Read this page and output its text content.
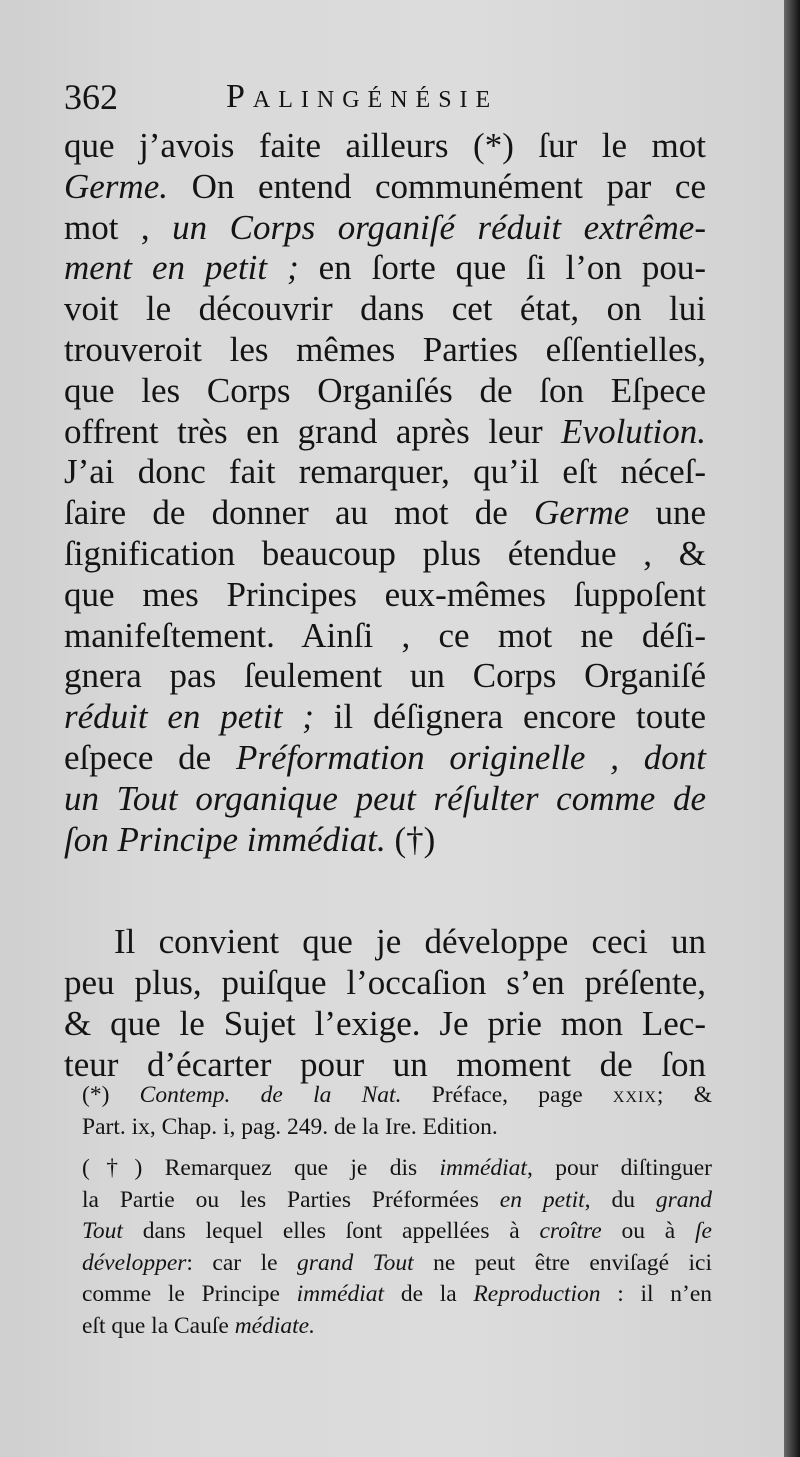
362	Palingénésie
que j’avois faite ailleurs (*) ſur le mot
Germe. On entend communément par ce
mot , un Corps organiſé réduit extrême-
ment en petit ; en ſorte que ſi l’on pou-
voit le découvrir dans cet état, on lui
trouveroit les mêmes Parties eſſentielles,
que les Corps Organiſés de ſon Eſpece
offrent très en grand après leur Evolution.
J’ai donc fait remarquer, qu’il eſt néceſ-
ſaire de donner au mot de Germe une
ſignification beaucoup plus étendue , &
que mes Principes eux-mêmes ſuppoſent
manifeſtement. Ainſi , ce mot ne déſi-
gnera pas ſeulement un Corps Organiſé
réduit en petit ; il déſignera encore toute
eſpece de Préformation originelle , dont
un Tout organique peut réſulter comme de
ſon Principe immédiat. (†)
Il convient que je développe ceci un
peu plus, puiſque l’occaſion s’en préſente,
& que le Sujet l’exige. Je prie mon Lec-
teur d’écarter pour un moment de ſon
(*) Contemp. de la Nat. Préface, page xxix; &
Part. ix, Chap. i, pag. 249. de la Ire. Edition.
(†) Remarquez que je dis immédiat, pour diſtinguer
la Partie ou les Parties Préformées en petit, du grand
Tout dans lequel elles ſont appellées à croître ou à ſe
développer: car le grand Tout ne peut être enviſagé ici
comme le Principe immédiat de la Reproduction : il n’en
eſt que la Cauſe médiate.
